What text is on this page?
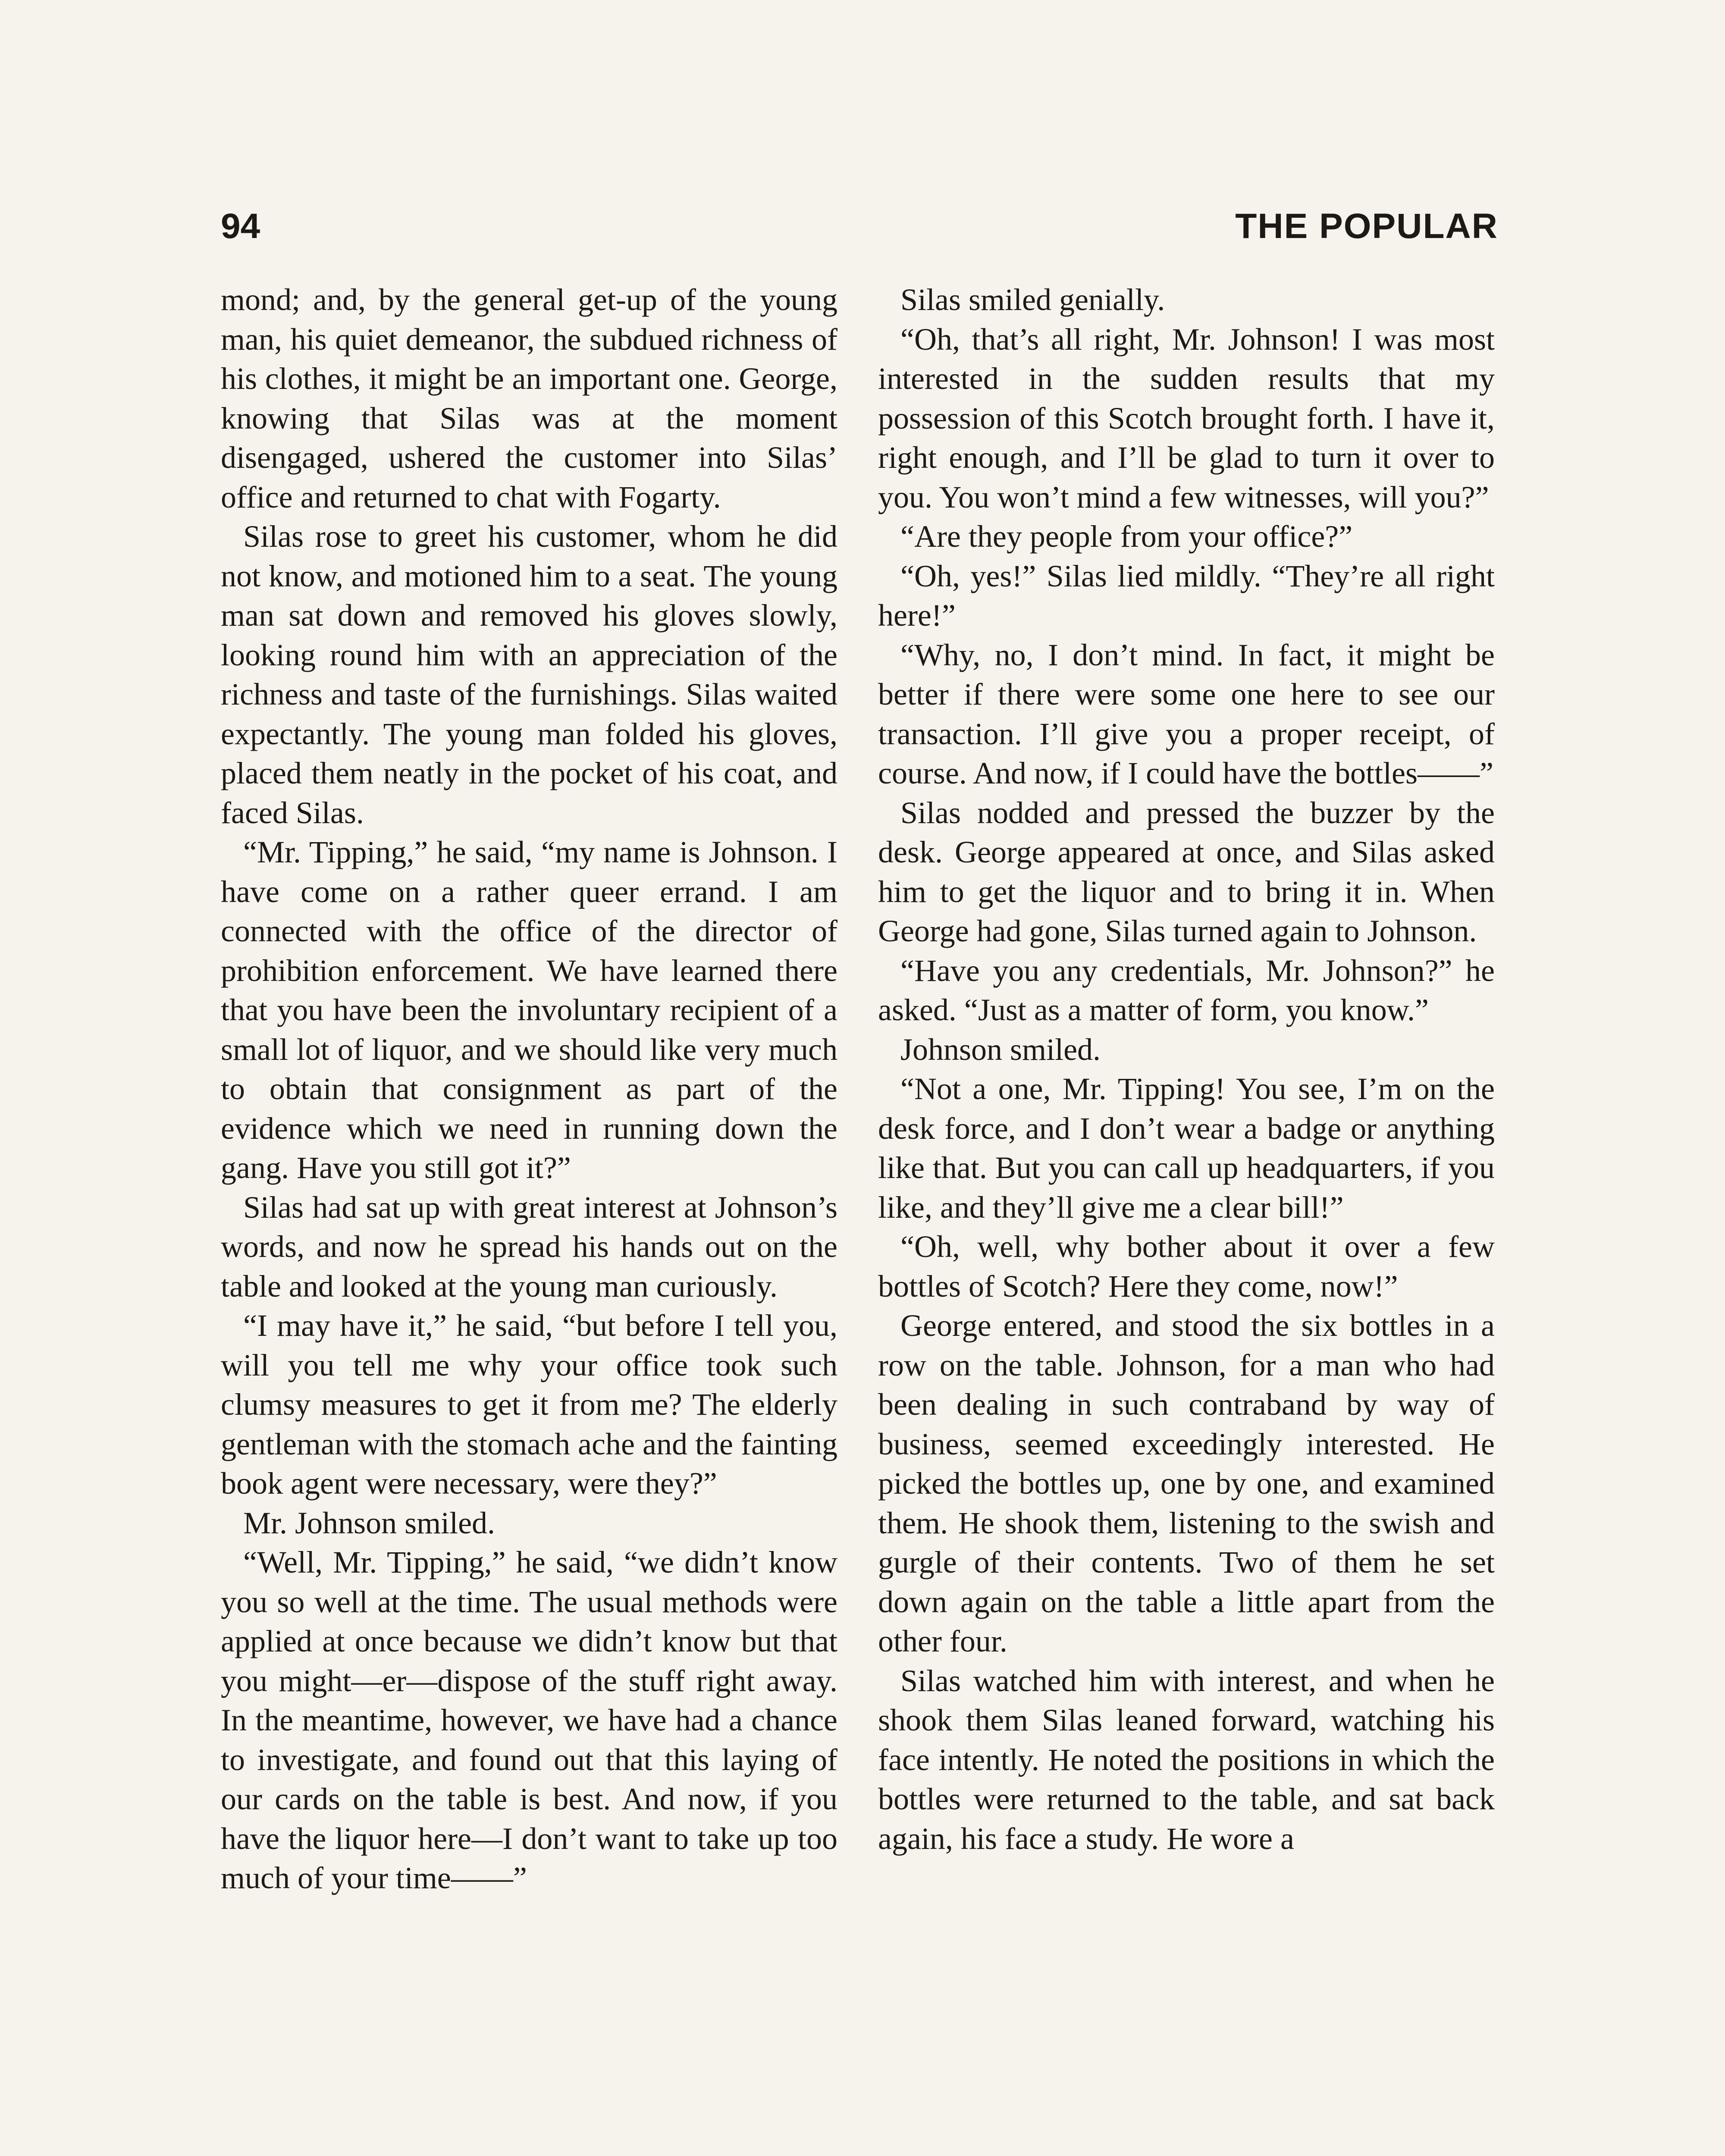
94	THE POPULAR

mond; and, by the general get-up of the young man, his quiet demeanor, the subdued richness of his clothes, it might be an important one. George, knowing that Silas was at the moment disengaged, ushered the customer into Silas’ office and returned to chat with Fogarty.

Silas rose to greet his customer, whom he did not know, and motioned him to a seat. The young man sat down and removed his gloves slowly, looking round him with an appreciation of the richness and taste of the furnishings. Silas waited expectantly. The young man folded his gloves, placed them neatly in the pocket of his coat, and faced Silas.

“Mr. Tipping,” he said, “my name is Johnson. I have come on a rather queer errand. I am connected with the office of the director of prohibition enforcement. We have learned there that you have been the involuntary recipient of a small lot of liquor, and we should like very much to obtain that consignment as part of the evidence which we need in running down the gang. Have you still got it?”

Silas had sat up with great interest at Johnson’s words, and now he spread his hands out on the table and looked at the young man curiously.

“I may have it,” he said, “but before I tell you, will you tell me why your office took such clumsy measures to get it from me? The elderly gentleman with the stomach ache and the fainting book agent were necessary, were they?”

Mr. Johnson smiled.

“Well, Mr. Tipping,” he said, “we didn’t know you so well at the time. The usual methods were applied at once because we didn’t know but that you might—er—dispose of the stuff right away. In the meantime, however, we have had a chance to investigate, and found out that this laying of our cards on the table is best. And now, if you have the liquor here—I don’t want to take up too much of your time——”

Silas smiled genially.

“Oh, that’s all right, Mr. Johnson! I was most interested in the sudden results that my possession of this Scotch brought forth. I have it, right enough, and I’ll be glad to turn it over to you. You won’t mind a few witnesses, will you?”

“Are they people from your office?”

“Oh, yes!” Silas lied mildly. “They’re all right here!”

“Why, no, I don’t mind. In fact, it might be better if there were some one here to see our transaction. I’ll give you a proper receipt, of course. And now, if I could have the bottles——”

Silas nodded and pressed the buzzer by the desk. George appeared at once, and Silas asked him to get the liquor and to bring it in. When George had gone, Silas turned again to Johnson.

“Have you any credentials, Mr. Johnson?” he asked. “Just as a matter of form, you know.”

Johnson smiled.

“Not a one, Mr. Tipping! You see, I’m on the desk force, and I don’t wear a badge or anything like that. But you can call up headquarters, if you like, and they’ll give me a clear bill!”

“Oh, well, why bother about it over a few bottles of Scotch? Here they come, now!”

George entered, and stood the six bottles in a row on the table. Johnson, for a man who had been dealing in such contraband by way of business, seemed exceedingly interested. He picked the bottles up, one by one, and examined them. He shook them, listening to the swish and gurgle of their contents. Two of them he set down again on the table a little apart from the other four.

Silas watched him with interest, and when he shook them Silas leaned forward, watching his face intently. He noted the positions in which the bottles were returned to the table, and sat back again, his face a study. He wore a
